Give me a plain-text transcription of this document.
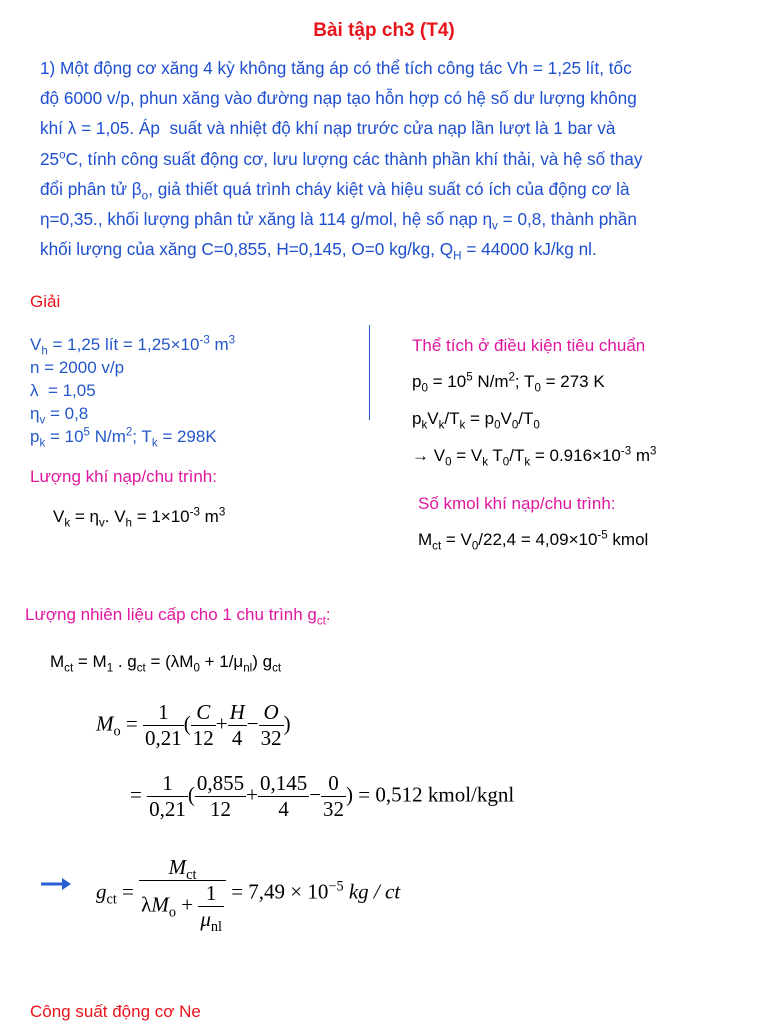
Bài tập ch3 (T4)
1) Một động cơ xăng 4 kỳ không tăng áp có thể tích công tác Vh = 1,25 lít, tốc
độ 6000 v/p, phun xăng vào đường nạp tạo hỗn hợp có hệ số dư lượng không
khí λ = 1,05. Áp  suất và nhiệt độ khí nạp trước cửa nạp lần lượt là 1 bar và
25$^o$C, tính công suất động cơ, lưu lượng các thành phần khí thải, và hệ số thay
đổi phân tử $\beta_o$, giả thiết quá trình cháy kiệt và hiệu suất có ích của động cơ là
η=0,35., khối lượng phân tử xăng là 114 g/mol, hệ số nạp $\eta_v = 0,8$, thành phần
khối lượng của xăng C=0,855, H=0,145, O=0 kg/kg, $Q_H = 44000$ kJ/kg nl.
Giải
$V_h = 1,25$ lít = $1,25\times 10^{-3}$ $m^3$
n = 2000 v/p
λ  = 1,05
$\eta_v = 0,8$
$p_k = 10^5$ $N/m^2$; $T_k = 298K$
Lượng khí nạp/chu trình:
$V_k = \eta_v$. $V_h = 1\times 10^{-3}$ $m^3$
Thể tích ở điều kiện tiêu chuẩn
$p_0 = 10^5$ $N/m^2$; $T_0 = 273$ K
$p_kV_k/T_k = p_0V_0/T_0$
→ $V_0 = V_k$ $T_0/T_k = 0.916\times 10^{-3}$ $m^3$
Số kmol khí nạp/chu trình:
$M_{ct} = V_0/22,4 = 4,09\times 10^{-5}$ kmol
Lượng nhiên liệu cấp cho 1 chu trình $g_{ct}$:
$M_{ct} = M_1$ . $g_{ct} = (\lambda M_0 + 1/\mu_{nl})$ $g_{ct}$
$M_o = \frac{1}{0,21}$ ( $\frac{C}{12} + \frac{H}{4} - \frac{O}{32}$ )
= $\frac{1}{0,21}$ ( $\frac{0,855}{12} + \frac{0,145}{4} - \frac{0}{32}$ ) = 0,512 kmol/kgnl
$g_{ct} = \frac{M_{ct}}{\lambda M_o + \frac{1}{\mu_{nl}}} = 7,49 \times 10^{-5}$ kg / ct
Công suất động cơ Ne
